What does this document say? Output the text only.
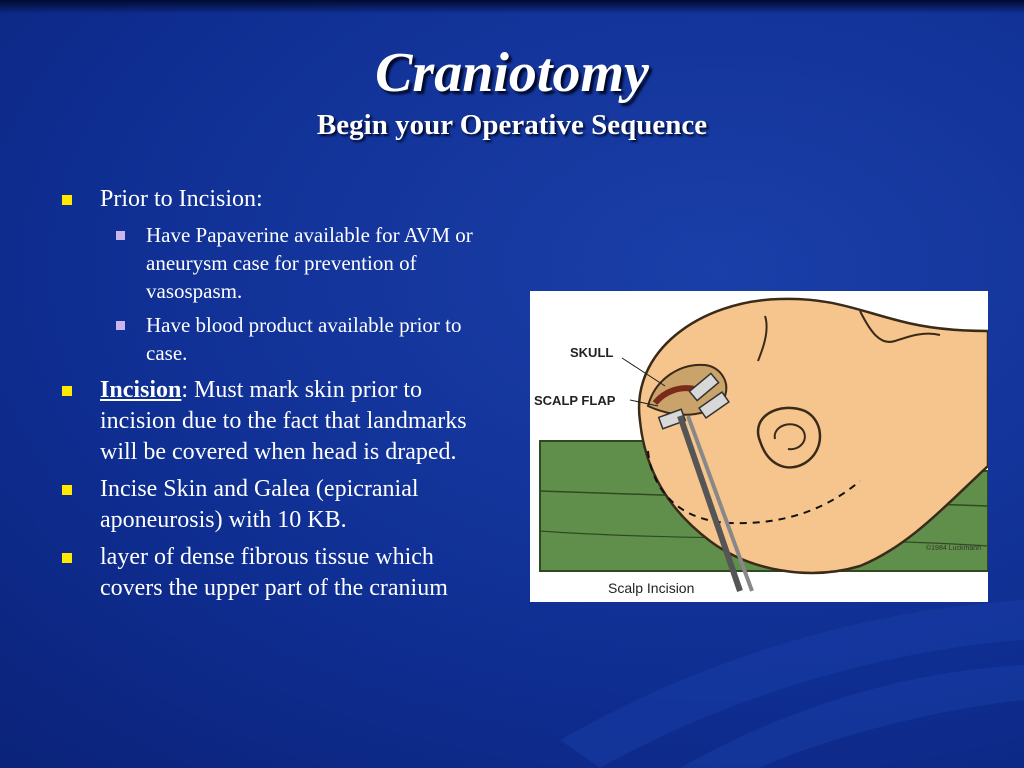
Craniotomy
Begin your Operative Sequence
Prior to Incision:
Have Papaverine available for AVM or aneurysm case for prevention of vasospasm.
Have blood product available prior to case.
Incision: Must mark skin prior to incision due to the fact that landmarks will be covered when head is draped.
Incise Skin and Galea (epicranial aponeurosis) with 10 KB.
layer of dense fibrous tissue which covers the upper part of the cranium
SKULL
SCALP FLAP
Scalp Incision
©1984 Luckmann
